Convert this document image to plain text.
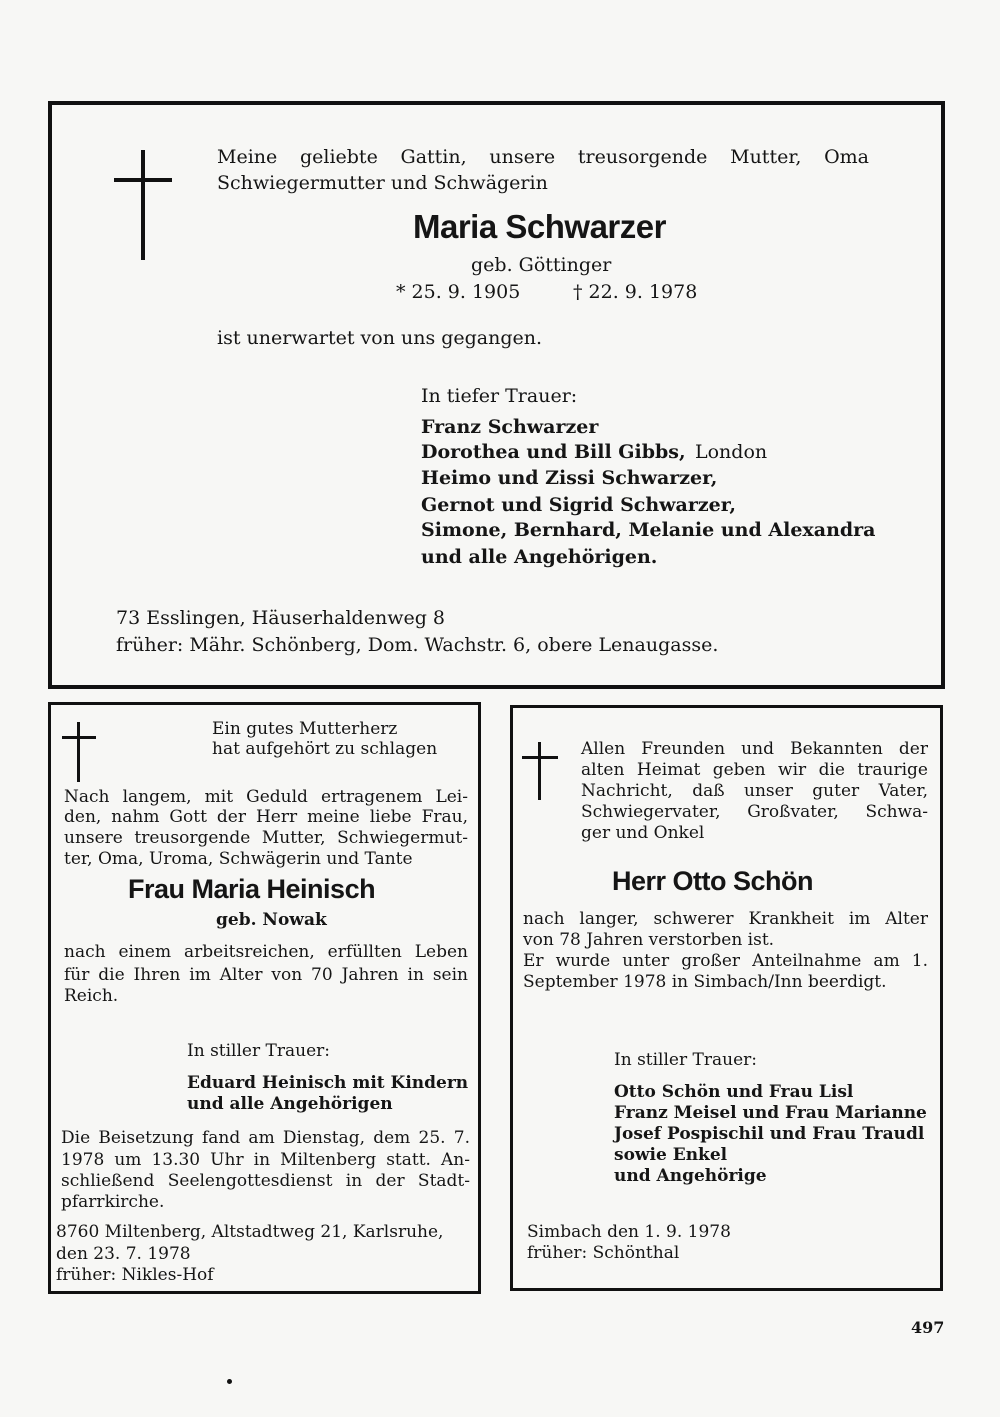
Meine geliebte Gattin, unsere treusorgende Mutter, Oma
Schwiegermutter und Schwägerin
Maria Schwarzer
geb. Göttinger
* 25. 9. 1905	† 22. 9. 1978
ist unerwartet von uns gegangen.
In tiefer Trauer:
Franz Schwarzer
Dorothea und Bill Gibbs, London
Heimo und Zissi Schwarzer,
Gernot und Sigrid Schwarzer,
Simone, Bernhard, Melanie und Alexandra
und alle Angehörigen.
73 Esslingen, Häuserhaldenweg 8
früher: Mähr. Schönberg, Dom. Wachstr. 6, obere Lenaugasse.
Ein gutes Mutterherz
hat aufgehört zu schlagen
Nach langem, mit Geduld ertragenem Lei-
den, nahm Gott der Herr meine liebe Frau,
unsere treusorgende Mutter, Schwiegermut-
ter, Oma, Uroma, Schwägerin und Tante
Frau Maria Heinisch
geb. Nowak
nach einem arbeitsreichen, erfüllten Leben
für die Ihren im Alter von 70 Jahren in sein
Reich.
In stiller Trauer:
Eduard Heinisch mit Kindern
und alle Angehörigen
Die Beisetzung fand am Dienstag, dem 25. 7.
1978 um 13.30 Uhr in Miltenberg statt. An-
schließend Seelengottesdienst in der Stadt-
pfarrkirche.
8760 Miltenberg, Altstadtweg 21, Karlsruhe,
den 23. 7. 1978
früher: Nikles-Hof
Allen Freunden und Bekannten der
alten Heimat geben wir die traurige
Nachricht, daß unser guter Vater,
Schwiegervater, Großvater, Schwa-
ger und Onkel
Herr Otto Schön
nach langer, schwerer Krankheit im Alter
von 78 Jahren verstorben ist.
Er wurde unter großer Anteilnahme am 1.
September 1978 in Simbach/Inn beerdigt.
In stiller Trauer:
Otto Schön und Frau Lisl
Franz Meisel und Frau Marianne
Josef Pospischil und Frau Traudl
sowie Enkel
und Angehörige
Simbach den 1. 9. 1978
früher: Schönthal
497
